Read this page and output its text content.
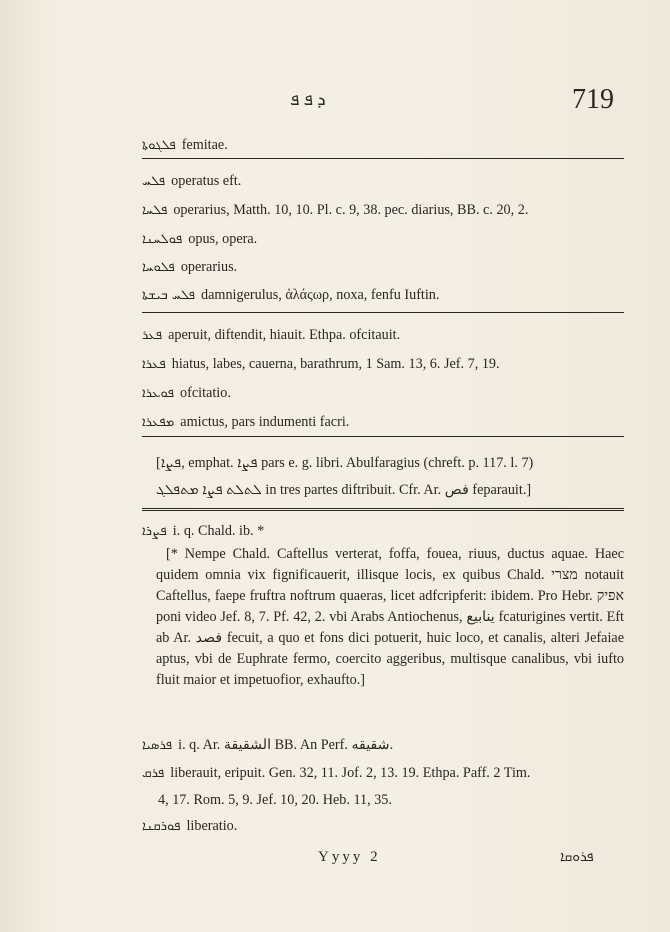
ܕ ܦ ܦ	719
ܦܠܓܘܬܐ femitae.
ܦܠܚ operatus eft.
ܦܠܚܐ operarius, Matth. 10, 10. Pl. c. 9, 38. pec. diarius, BB. c. 20, 2.
ܦܘܠܚܢܐ opus, opera.
ܦܠܘܚܐ operarius.
ܦܠܚ ܒܝܫܬܐ damnigerulus, ἀλάςωρ, noxa, fenfu Iuftin.
ܦܥܪ aperuit, diftendit, hiauit. Ethpa. ofcitauit.
ܦܥܪܐ hiatus, labes, cauerna, barathrum, 1 Sam. 13, 6. Jef. 7, 19.
ܦܘܥܪܐ ofcitatio.
ܡܦܥܪܐ amictus, pars indumenti facri.
[ܦܨܐ, emphat. ܦܨܐ pars e. g. libri. Abulfaragius (chreft. p. 117. l. 7)
ܠܬܠܬ ܦܨܐ ܡܬܦܠܓ in tres partes diftribuit. Cfr. Ar. فص feparauit.]
ܦܨܪܐ i. q. Chald. ib. *
[* Nempe Chald. Caftellus verterat, foffa, fouea, riuus, ductus aquae. Haec quidem omnia vix fignificauerit, illisque locis, ex quibus Chald. מצרי notauit Caftellus, faepe fruftra noftrum quaeras, licet adfcripferit: ibidem. Pro Hebr. אפיק poni video Jef. 8, 7. Pf. 42, 2. vbi Arabs Antiochenus, ينابيع fcaturigines vertit. Eft ab Ar. فصد fecuit, a quo et fons dici potuerit, huic loco, et canalis, alteri Jefaiae aptus, vbi de Euphrate fermo, coercito aggeribus, multisque canalibus, vbi iufto fluit maior et impetuofior, exhaufto.]
ܦܪܣܝܐ i. q. Ar. الشقيقة BB. An Perf. شقيقه.
ܦܪܩ liberauit, eripuit. Gen. 32, 11. Jof. 2, 13. 19. Ethpa. Paff. 2 Tim.
4, 17. Rom. 5, 9. Jef. 10, 20. Heb. 11, 35.
ܦܘܪܩܢܐ liberatio.
Yyyy 2	ܦܪܘܩܐ
